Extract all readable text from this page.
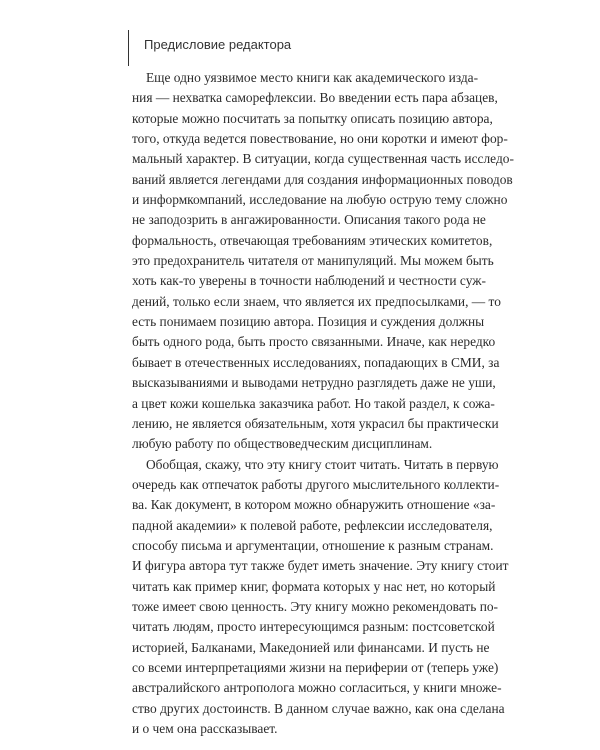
Предисловие редактора
Еще одно уязвимое место книги как академического изда-
ния — нехватка саморефлексии. Во введении есть пара абзацев,
которые можно посчитать за попытку описать позицию автора,
того, откуда ведется повествование, но они коротки и имеют фор-
мальный характер. В ситуации, когда существенная часть исследо-
ваний является легендами для создания информационных поводов
и информкомпаний, исследование на любую острую тему сложно
не заподозрить в ангажированности. Описания такого рода не
формальность, отвечающая требованиям этических комитетов,
это предохранитель читателя от манипуляций. Мы можем быть
хоть как-то уверены в точности наблюдений и честности суж-
дений, только если знаем, что является их предпосылками, — то
есть понимаем позицию автора. Позиция и суждения должны
быть одного рода, быть просто связанными. Иначе, как нередко
бывает в отечественных исследованиях, попадающих в СМИ, за
высказываниями и выводами нетрудно разглядеть даже не уши,
а цвет кожи кошелька заказчика работ. Но такой раздел, к сожа-
лению, не является обязательным, хотя украсил бы практически
любую работу по обществоведческим дисциплинам.
Обобщая, скажу, что эту книгу стоит читать. Читать в первую
очередь как отпечаток работы другого мыслительного коллекти-
ва. Как документ, в котором можно обнаружить отношение «за-
падной академии» к полевой работе, рефлексии исследователя,
способу письма и аргументации, отношение к разным странам.
И фигура автора тут также будет иметь значение. Эту книгу стоит
читать как пример книг, формата которых у нас нет, но который
тоже имеет свою ценность. Эту книгу можно рекомендовать по-
читать людям, просто интересующимся разным: постсоветской
историей, Балканами, Македонией или финансами. И пусть не
со всеми интерпретациями жизни на периферии от (теперь уже)
австралийского антрополога можно согласиться, у книги множе-
ство других достоинств. В данном случае важно, как она сделана
и о чем она рассказывает.
